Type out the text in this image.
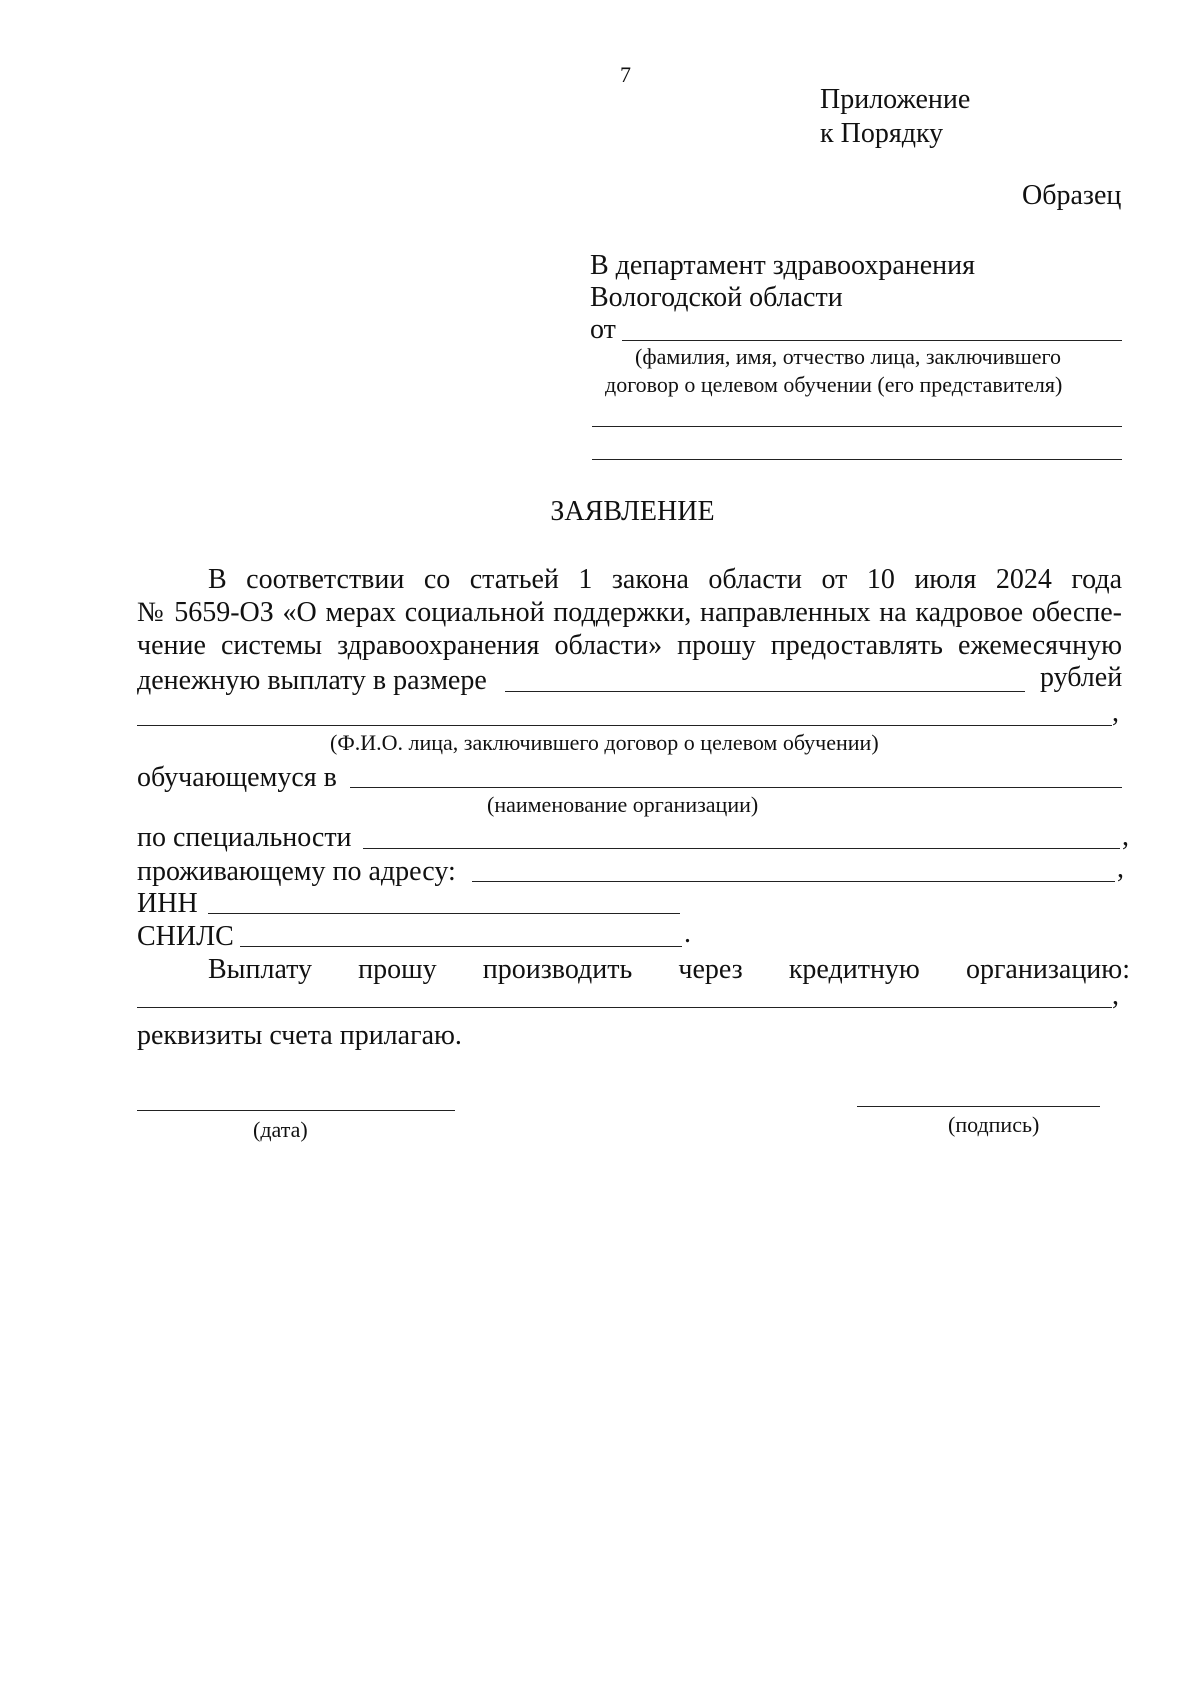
7
Приложение
к Порядку
Образец
В департамент здравоохранения
Вологодской области
от
(фамилия, имя, отчество лица, заключившего
договор о целевом обучении (его представителя)
ЗАЯВЛЕНИЕ
В соответствии со статьей 1 закона области от 10 июля 2024 года
№ 5659-ОЗ «О мерах социальной поддержки, направленных на кадровое обеспе-
чение системы здравоохранения области» прошу предоставлять ежемесячную
денежную выплату в размере	рублей
,
(Ф.И.О. лица, заключившего договор о целевом обучении)
обучающемуся в
(наименование организации)
по специальности	,
проживающему по адресу:	,
ИНН
СНИЛС	.
Выплату прошу производить через кредитную организацию:
,
реквизиты счета прилагаю.
(дата)	(подпись)
